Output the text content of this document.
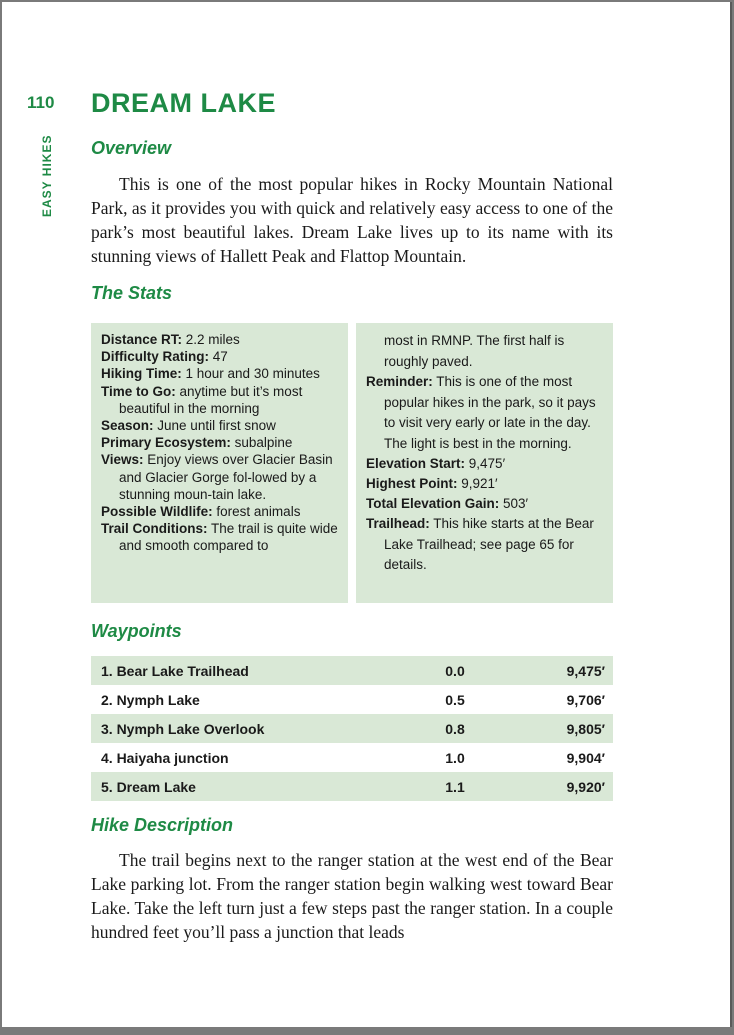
110
EASY HIKES
DREAM LAKE
Overview

This is one of the most popular hikes in Rocky Mountain National Park, as it provides you with quick and relatively easy access to one of the park’s most beautiful lakes. Dream Lake lives up to its name with its stunning views of Hallett Peak and Flattop Mountain.

The Stats

Distance RT: 2.2 miles

Difficulty Rating: 47

Hiking Time: 1 hour and 30 minutes

Time to Go: anytime but it’s most beautiful in the morning

Season: June until first snow

Primary Ecosystem: subalpine

Views: Enjoy views over Glacier Basin and Glacier Gorge fol-lowed by a stunning moun-tain lake.

Possible Wildlife: forest animals

Trail Conditions: The trail is quite wide and smooth compared to

most in RMNP. The first half is roughly paved.

Reminder: This is one of the most popular hikes in the park, so it pays to visit very early or late in the day. The light is best in the morning.

Elevation Start: 9,475′

Highest Point: 9,921′

Total Elevation Gain: 503′

Trailhead: This hike starts at the Bear Lake Trailhead; see page 65 for details.

Waypoints
1. Bear Lake Trailhead	0.0	9,475′
2. Nymph Lake	0.5	9,706′
3. Nymph Lake Overlook	0.8	9,805′
4. Haiyaha junction	1.0	9,904′
5. Dream Lake	1.1	9,920′
Hike Description

The trail begins next to the ranger station at the west end of the Bear Lake parking lot. From the ranger station begin walking west toward Bear Lake. Take the left turn just a few steps past the ranger station. In a couple hundred feet you’ll pass a junction that leads
